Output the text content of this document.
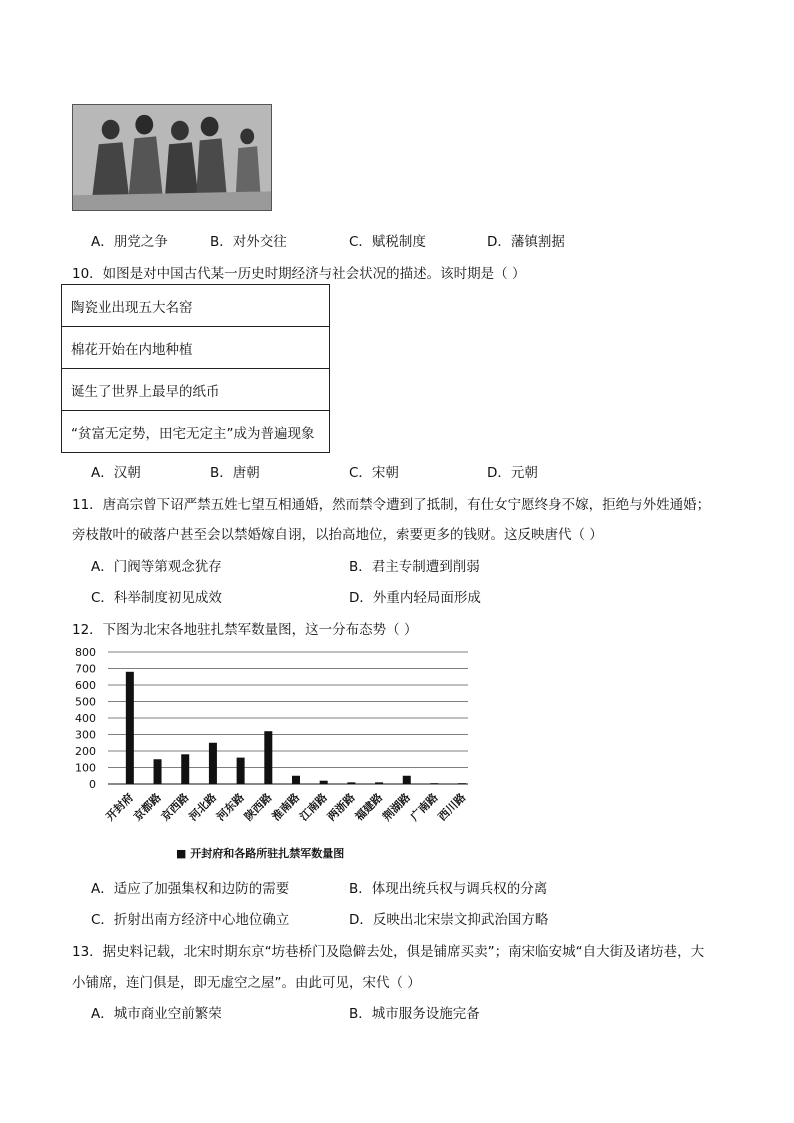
A．朋党之争	B．对外交往	C．赋税制度	D．藩镇割据
10．如图是对中国古代某一历史时期经济与社会状况的描述。该时期是（ ）
陶瓷业出现五大名窑
棉花开始在内地种植
诞生了世界上最早的纸币
“贫富无定势，田宅无定主”成为普遍现象
A．汉朝	B．唐朝	C．宋朝	D．元朝
11．唐高宗曾下诏严禁五姓七望互相通婚，然而禁令遭到了抵制，有仕女宁愿终身不嫁，拒绝与外姓通婚；
旁枝散叶的破落户甚至会以禁婚嫁自诩，以抬高地位，索要更多的钱财。这反映唐代（ ）
A．门阀等第观念犹存	B．君主专制遭到削弱
C．科举制度初见成效	D．外重内轻局面形成
12．下图为北宋各地驻扎禁军数量图，这一分布态势（ ）
0
100
200
300
400
500
600
700
800
开封府
京都路
京西路
河北路
河东路
陕西路
淮南路
江南路
两浙路
福建路
荆湖路
广南路
西川路
■ 开封府和各路所驻扎禁军数量图
A．适应了加强集权和边防的需要	B．体现出统兵权与调兵权的分离
C．折射出南方经济中心地位确立	D．反映出北宋崇文抑武治国方略
13．据史料记载，北宋时期东京“坊巷桥门及隐僻去处，俱是铺席买卖”；南宋临安城“自大街及诸坊巷，大
小铺席，连门俱是，即无虚空之屋”。由此可见，宋代（ ）
A．城市商业空前繁荣	B．城市服务设施完备
